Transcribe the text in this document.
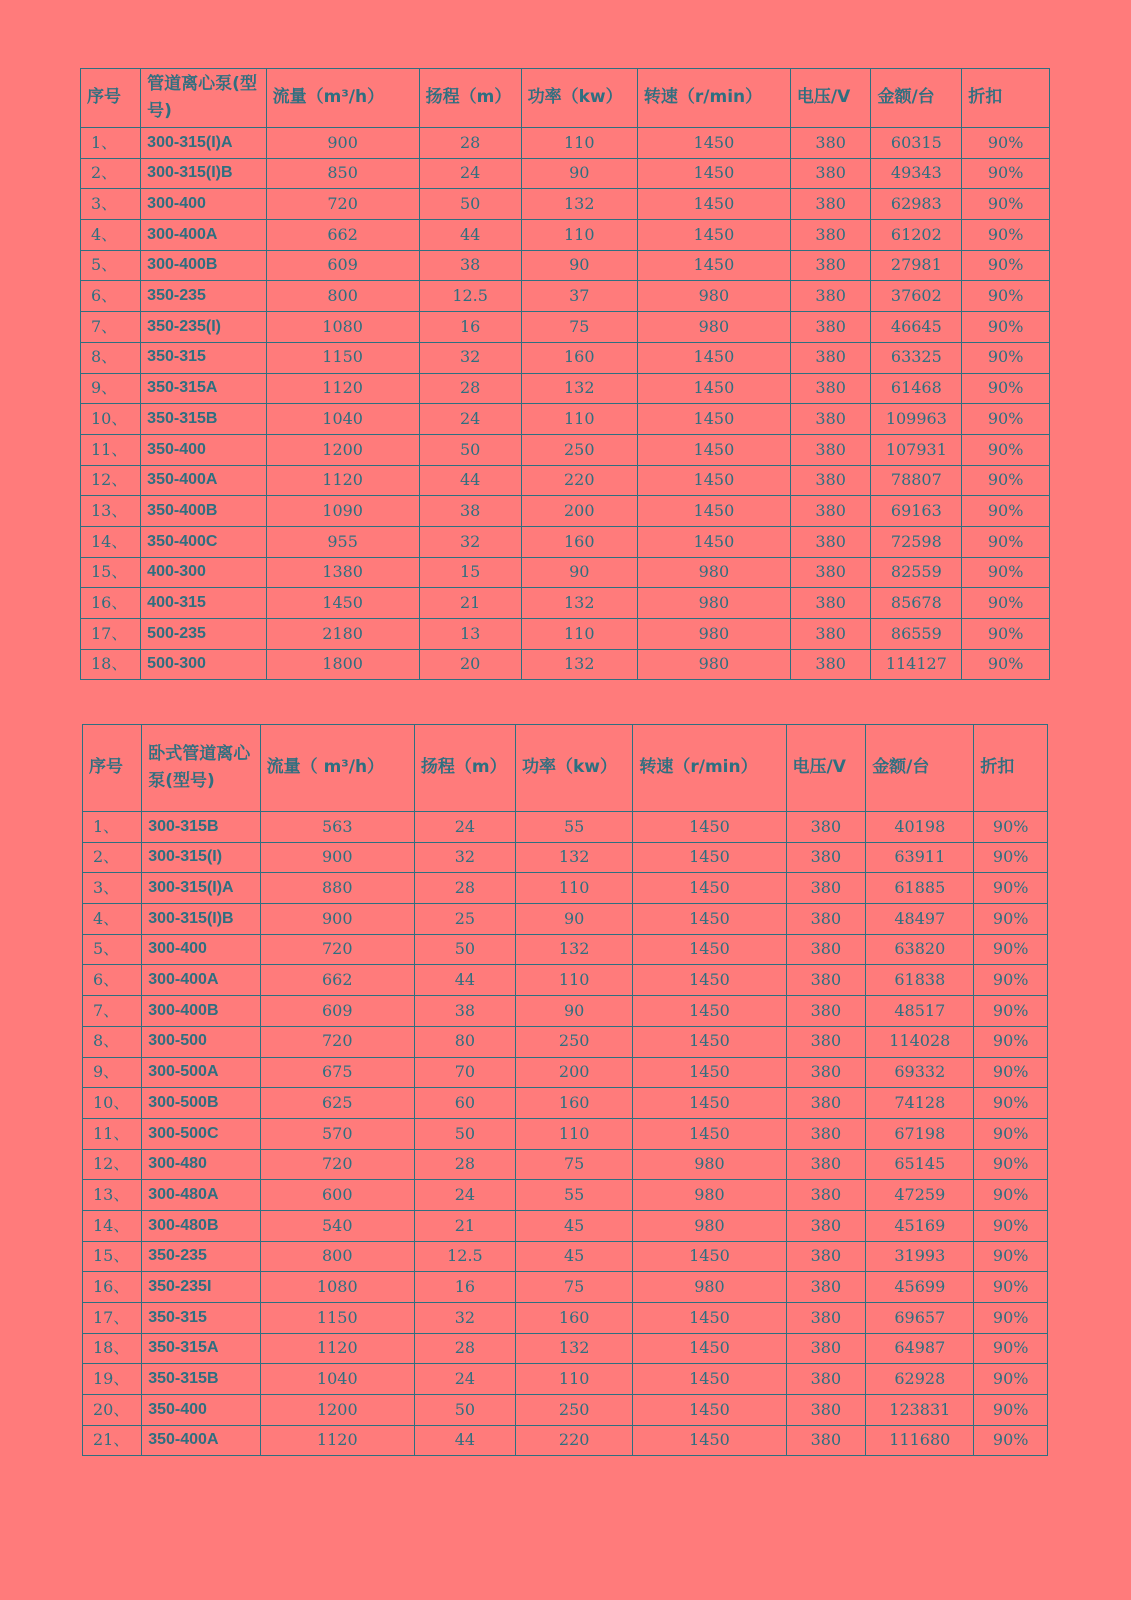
序号	管道离心泵(型号)	流量（m³/h）	扬程（m）	功率（kw）	转速（r/min）	电压/V	金额/台	折扣
1、	300-315(I)A	900	28	110	1450	380	60315	90%
2、	300-315(I)B	850	24	90	1450	380	49343	90%
3、	300-400	720	50	132	1450	380	62983	90%
4、	300-400A	662	44	110	1450	380	61202	90%
5、	300-400B	609	38	90	1450	380	27981	90%
6、	350-235	800	12.5	37	980	380	37602	90%
7、	350-235(I)	1080	16	75	980	380	46645	90%
8、	350-315	1150	32	160	1450	380	63325	90%
9、	350-315A	1120	28	132	1450	380	61468	90%
10、	350-315B	1040	24	110	1450	380	109963	90%
11、	350-400	1200	50	250	1450	380	107931	90%
12、	350-400A	1120	44	220	1450	380	78807	90%
13、	350-400B	1090	38	200	1450	380	69163	90%
14、	350-400C	955	32	160	1450	380	72598	90%
15、	400-300	1380	15	90	980	380	82559	90%
16、	400-315	1450	21	132	980	380	85678	90%
17、	500-235	2180	13	110	980	380	86559	90%
18、	500-300	1800	20	132	980	380	114127	90%
序号	卧式管道离心泵(型号)	流量（ m³/h）	扬程（m）	功率（kw）	转速（r/min）	电压/V	金额/台	折扣
1、	300-315B	563	24	55	1450	380	40198	90%
2、	300-315(I)	900	32	132	1450	380	63911	90%
3、	300-315(I)A	880	28	110	1450	380	61885	90%
4、	300-315(I)B	900	25	90	1450	380	48497	90%
5、	300-400	720	50	132	1450	380	63820	90%
6、	300-400A	662	44	110	1450	380	61838	90%
7、	300-400B	609	38	90	1450	380	48517	90%
8、	300-500	720	80	250	1450	380	114028	90%
9、	300-500A	675	70	200	1450	380	69332	90%
10、	300-500B	625	60	160	1450	380	74128	90%
11、	300-500C	570	50	110	1450	380	67198	90%
12、	300-480	720	28	75	980	380	65145	90%
13、	300-480A	600	24	55	980	380	47259	90%
14、	300-480B	540	21	45	980	380	45169	90%
15、	350-235	800	12.5	45	1450	380	31993	90%
16、	350-235I	1080	16	75	980	380	45699	90%
17、	350-315	1150	32	160	1450	380	69657	90%
18、	350-315A	1120	28	132	1450	380	64987	90%
19、	350-315B	1040	24	110	1450	380	62928	90%
20、	350-400	1200	50	250	1450	380	123831	90%
21、	350-400A	1120	44	220	1450	380	111680	90%
